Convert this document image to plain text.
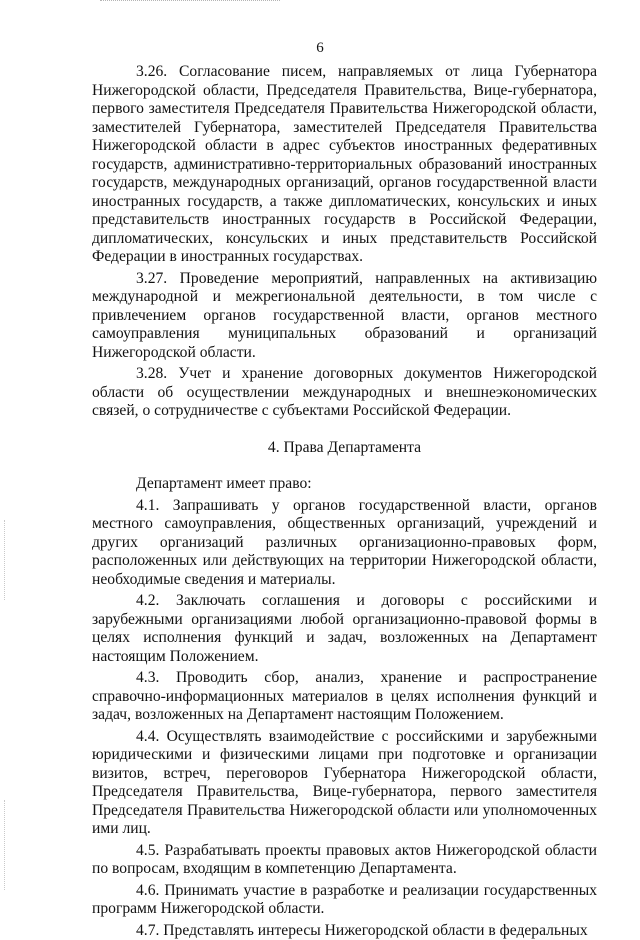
6

3.26. Согласование писем, направляемых от лица Губернатора Нижегородской области, Председателя Правительства, Вице-губернатора, первого заместителя Председателя Правительства Нижегородской области, заместителей Губернатора, заместителей Председателя Правительства Нижегородской области в адрес субъектов иностранных федеративных государств, административно-территориальных образований иностранных государств, международных организаций, органов государственной власти иностранных государств, а также дипломатических, консульских и иных представительств иностранных государств в Российской Федерации, дипломатических, консульских и иных представительств Российской Федерации в иностранных государствах.

3.27. Проведение мероприятий, направленных на активизацию международной и межрегиональной деятельности, в том числе с привлечением органов государственной власти, органов местного самоуправления муниципальных образований и организаций Нижегородской области.

3.28. Учет и хранение договорных документов Нижегородской области об осуществлении международных и внешнеэкономических связей, о сотрудничестве с субъектами Российской Федерации.

4. Права Департамента

Департамент имеет право:

4.1. Запрашивать у органов государственной власти, органов местного самоуправления, общественных организаций, учреждений и других организаций различных организационно-правовых форм, расположенных или действующих на территории Нижегородской области, необходимые сведения и материалы.

4.2. Заключать соглашения и договоры с российскими и зарубежными организациями любой организационно-правовой формы в целях исполнения функций и задач, возложенных на Департамент настоящим Положением.

4.3. Проводить сбор, анализ, хранение и распространение справочно-информационных материалов в целях исполнения функций и задач, возложенных на Департамент настоящим Положением.

4.4. Осуществлять взаимодействие с российскими и зарубежными юридическими и физическими лицами при подготовке и организации визитов, встреч, переговоров Губернатора Нижегородской области, Председателя Правительства, Вице-губернатора, первого заместителя Председателя Правительства Нижегородской области или уполномоченных ими лиц.

4.5. Разрабатывать проекты правовых актов Нижегородской области по вопросам, входящим в компетенцию Департамента.

4.6. Принимать участие в разработке и реализации государственных программ Нижегородской области.

4.7. Представлять интересы Нижегородской области в федеральных
